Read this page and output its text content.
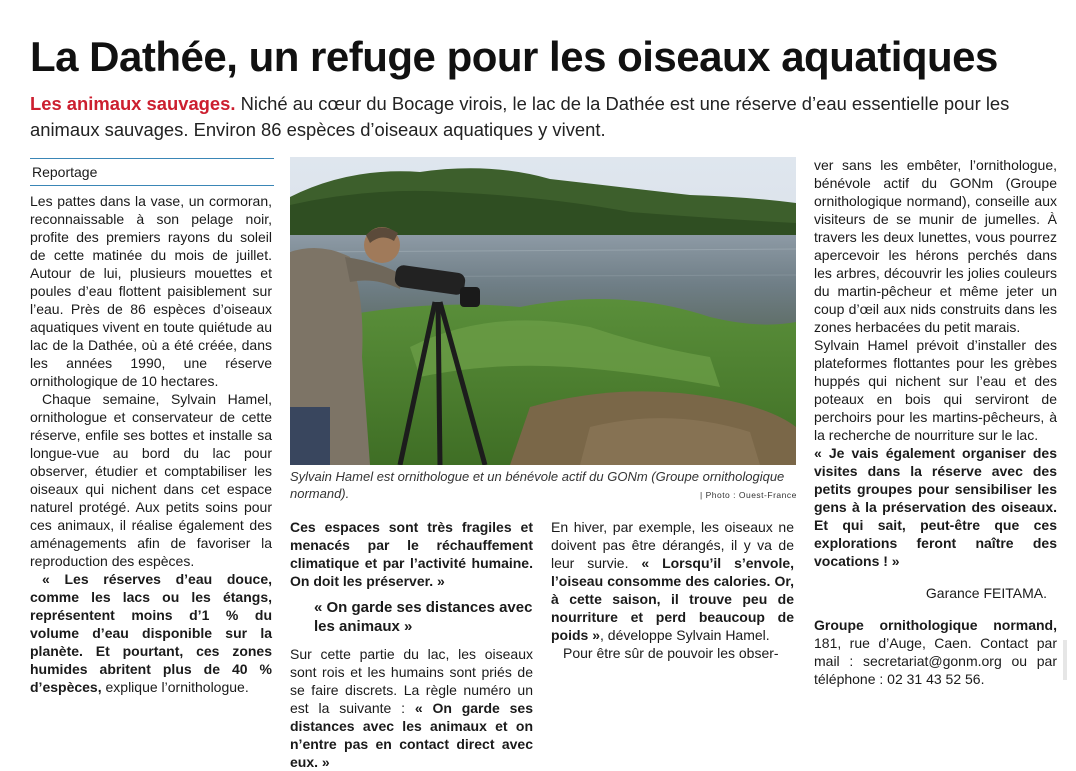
La Dathée, un refuge pour les oiseaux aquatiques
Les animaux sauvages. Niché au cœur du Bocage virois, le lac de la Dathée est une réserve d’eau essentielle pour les animaux sauvages. Environ 86 espèces d’oiseaux aquatiques y vivent.
Reportage

Les pattes dans la vase, un cormoran, reconnaissable à son pelage noir, profite des premiers rayons du soleil de cette matinée du mois de juillet. Autour de lui, plusieurs mouettes et poules d’eau flottent paisiblement sur l’eau. Près de 86 espèces d’oiseaux aquatiques vivent en toute quiétude au lac de la Dathée, où a été créée, dans les années 1990, une réserve ornithologique de 10 hectares.

Chaque semaine, Sylvain Hamel, ornithologue et conservateur de cette réserve, enfile ses bottes et installe sa longue-vue au bord du lac pour observer, étudier et comptabiliser les oiseaux qui nichent dans cet espace naturel protégé. Aux petits soins pour ces animaux, il réalise également des aménagements afin de favoriser la reproduction des espèces.

« Les réserves d’eau douce, comme les lacs ou les étangs, représentent moins d’1 % du volume d’eau disponible sur la planète. Et pourtant, ces zones humides abritent plus de 40 % d’espèces, explique l’ornithologue.

Sylvain Hamel est ornithologue et un bénévole actif du GONm (Groupe ornithologique normand).	| Photo : Ouest-France

Ces espaces sont très fragiles et menacés par le réchauffement climatique et par l’activité humaine. On doit les préserver. »

« On garde ses distances avec les animaux »

Sur cette partie du lac, les oiseaux sont rois et les humains sont priés de se faire discrets. La règle numéro un est la suivante : « On garde ses distances avec les animaux et on n’entre pas en contact direct avec eux. »

En hiver, par exemple, les oiseaux ne doivent pas être dérangés, il y va de leur survie. « Lorsqu’il s’envole, l’oiseau consomme des calories. Or, à cette saison, il trouve peu de nourriture et perd beaucoup de poids », développe Sylvain Hamel.

Pour être sûr de pouvoir les obser-

ver sans les embêter, l’ornithologue, bénévole actif du GONm (Groupe ornithologique normand), conseille aux visiteurs de se munir de jumelles. À travers les deux lunettes, vous pourrez apercevoir les hérons perchés dans les arbres, découvrir les jolies couleurs du martin-pêcheur et même jeter un coup d’œil aux nids construits dans les zones herbacées du petit marais.

Sylvain Hamel prévoit d’installer des plateformes flottantes pour les grèbes huppés qui nichent sur l’eau et des poteaux en bois qui serviront de perchoirs pour les martins-pêcheurs, à la recherche de nourriture sur le lac.

« Je vais également organiser des visites dans la réserve avec des petits groupes pour sensibiliser les gens à la préservation des oiseaux. Et qui sait, peut-être que ces explorations feront naître des vocations ! »

Garance FEITAMA.

Groupe ornithologique normand, 181, rue d’Auge, Caen. Contact par mail : secretariat@gonm.org ou par téléphone : 02 31 43 52 56.
